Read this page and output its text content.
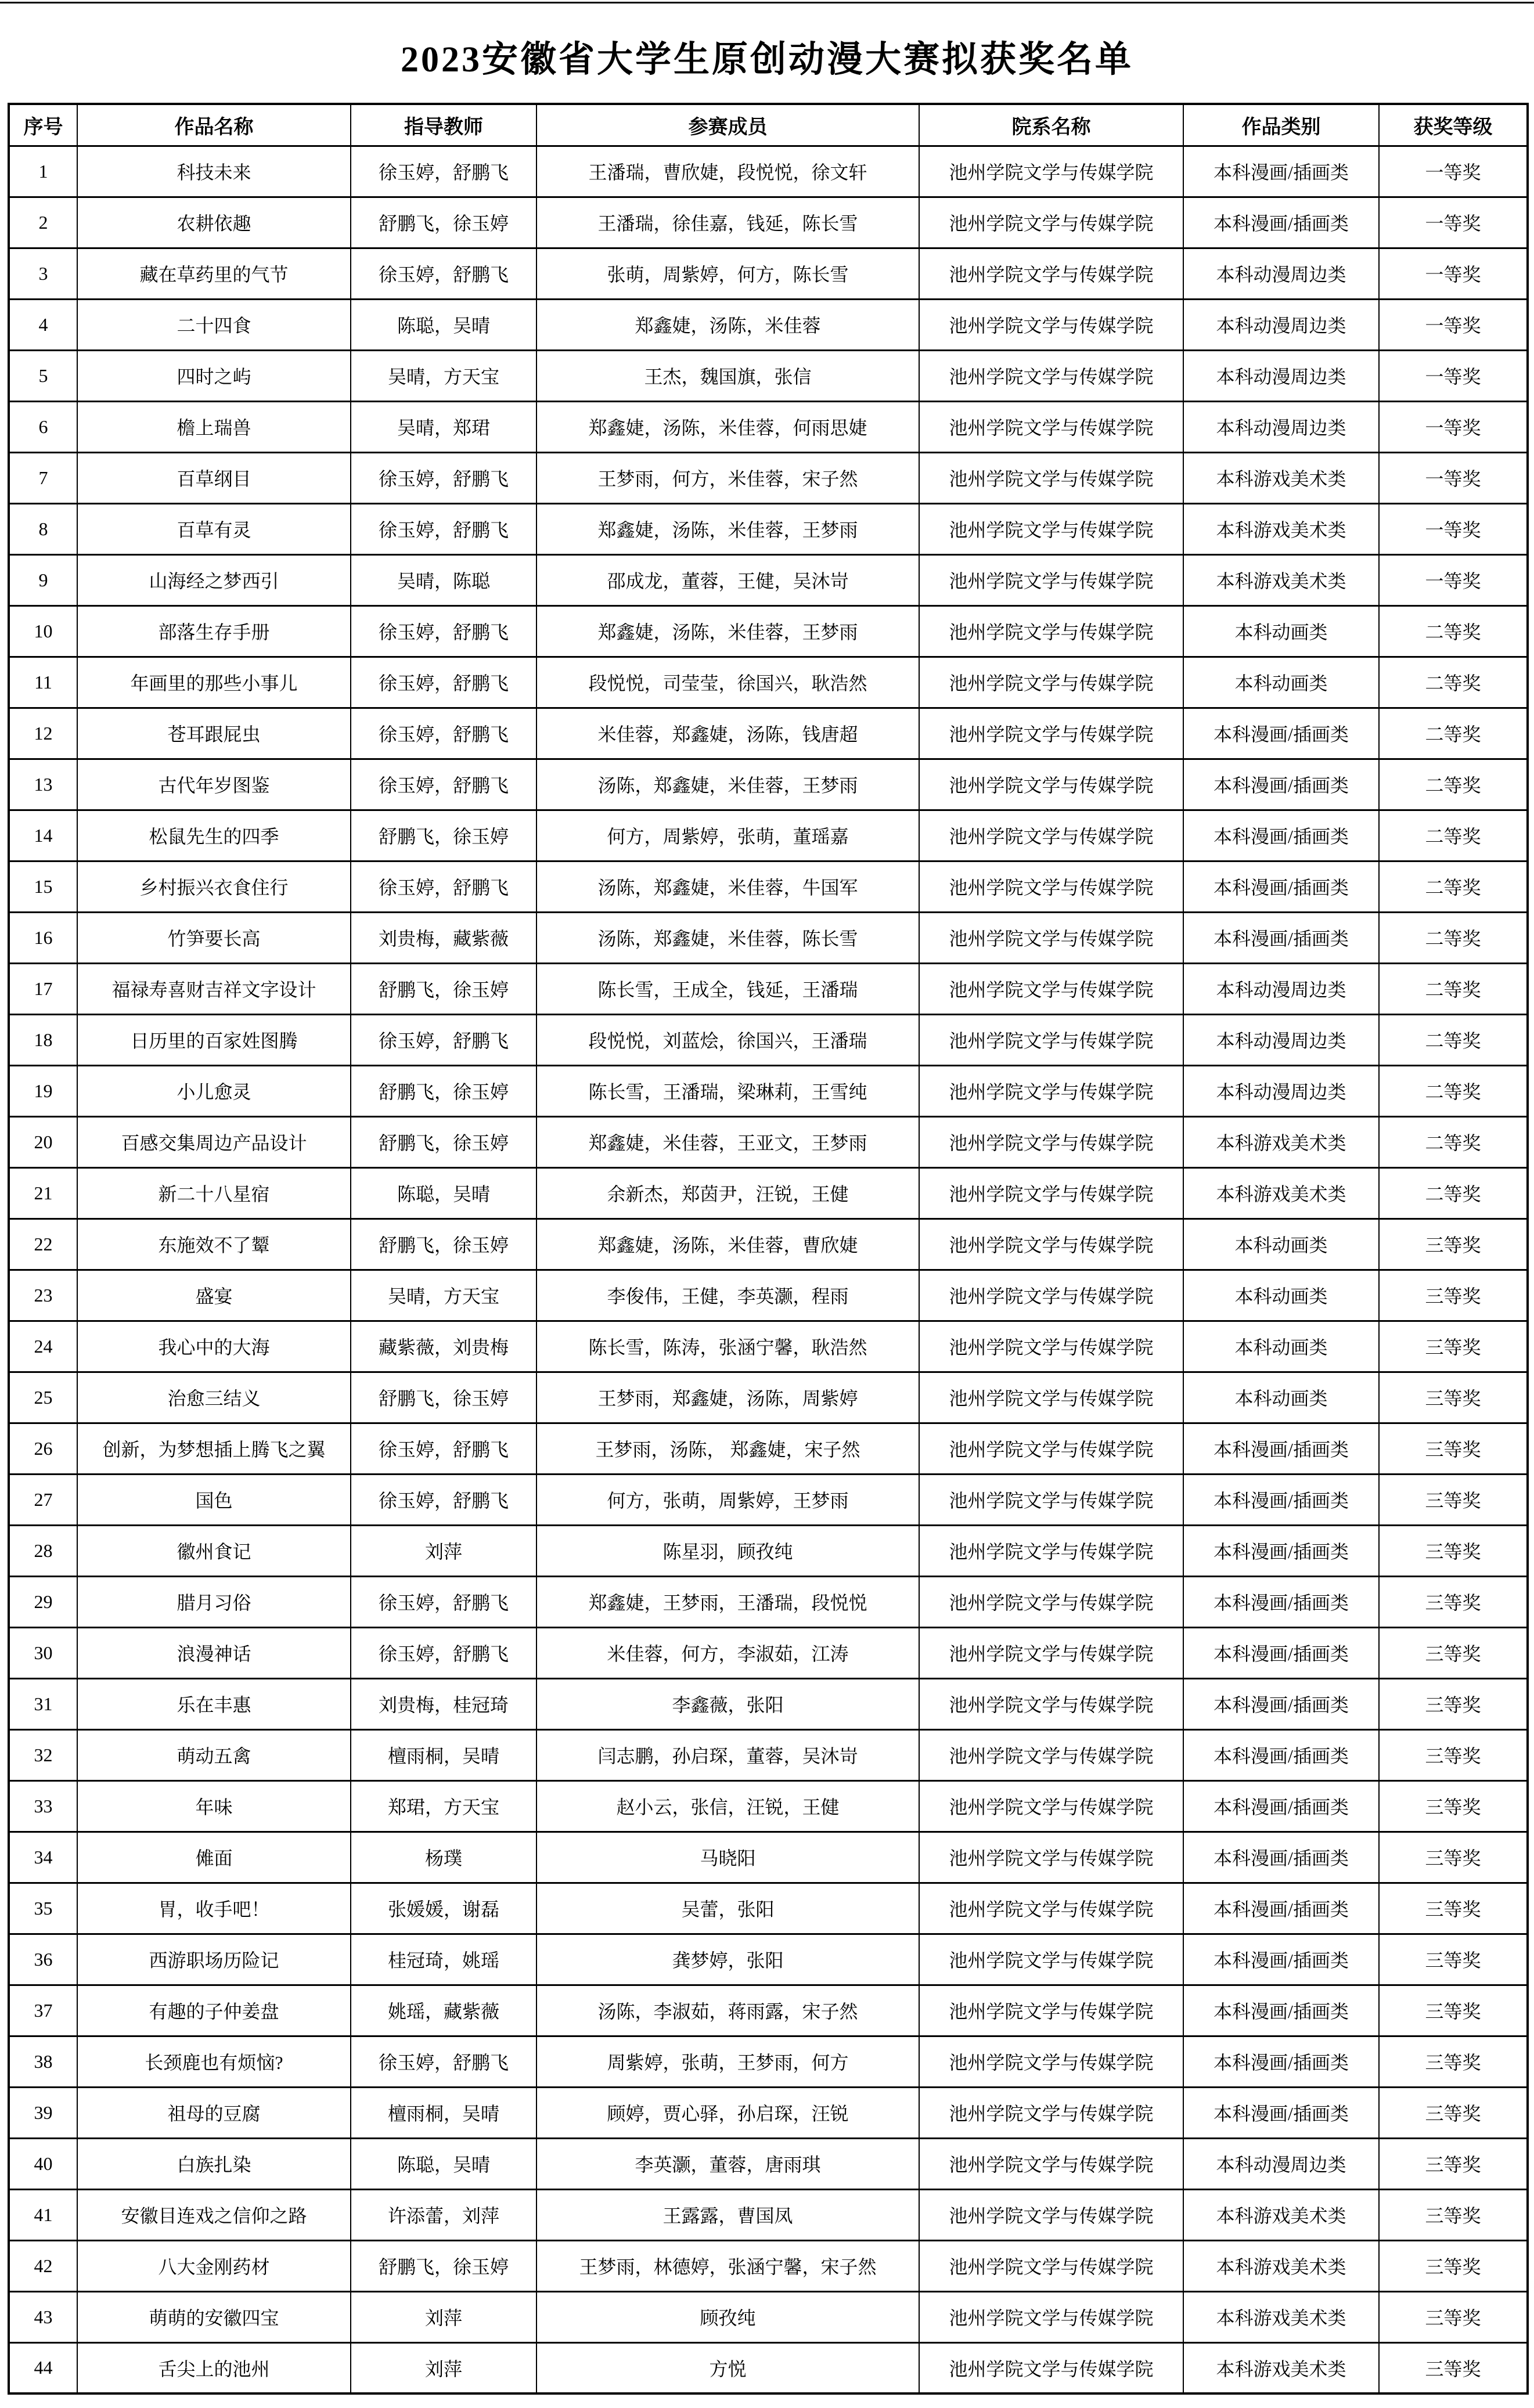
2023安徽省大学生原创动漫大赛拟获奖名单
序号	作品名称	指导教师	参赛成员	院系名称	作品类别	获奖等级
1	科技未来	徐玉婷，舒鹏飞	王潘瑞，曹欣婕，段悦悦，徐文轩	池州学院文学与传媒学院	本科漫画/插画类	一等奖
2	农耕依趣	舒鹏飞，徐玉婷	王潘瑞，徐佳嘉，钱延，陈长雪	池州学院文学与传媒学院	本科漫画/插画类	一等奖
3	藏在草药里的气节	徐玉婷，舒鹏飞	张萌，周紫婷，何方，陈长雪	池州学院文学与传媒学院	本科动漫周边类	一等奖
4	二十四食	陈聪，吴晴	郑鑫婕，汤陈，米佳蓉	池州学院文学与传媒学院	本科动漫周边类	一等奖
5	四时之屿	吴晴，方天宝	王杰，魏国旗，张信	池州学院文学与传媒学院	本科动漫周边类	一等奖
6	檐上瑞兽	吴晴，郑珺	郑鑫婕，汤陈，米佳蓉，何雨思婕	池州学院文学与传媒学院	本科动漫周边类	一等奖
7	百草纲目	徐玉婷，舒鹏飞	王梦雨，何方，米佳蓉，宋子然	池州学院文学与传媒学院	本科游戏美术类	一等奖
8	百草有灵	徐玉婷，舒鹏飞	郑鑫婕，汤陈，米佳蓉，王梦雨	池州学院文学与传媒学院	本科游戏美术类	一等奖
9	山海经之梦西引	吴晴，陈聪	邵成龙，董蓉，王健，吴沐岢	池州学院文学与传媒学院	本科游戏美术类	一等奖
10	部落生存手册	徐玉婷，舒鹏飞	郑鑫婕，汤陈，米佳蓉，王梦雨	池州学院文学与传媒学院	本科动画类	二等奖
11	年画里的那些小事儿	徐玉婷，舒鹏飞	段悦悦，司莹莹，徐国兴，耿浩然	池州学院文学与传媒学院	本科动画类	二等奖
12	苍耳跟屁虫	徐玉婷，舒鹏飞	米佳蓉，郑鑫婕，汤陈，钱唐超	池州学院文学与传媒学院	本科漫画/插画类	二等奖
13	古代年岁图鉴	徐玉婷，舒鹏飞	汤陈，郑鑫婕，米佳蓉，王梦雨	池州学院文学与传媒学院	本科漫画/插画类	二等奖
14	松鼠先生的四季	舒鹏飞，徐玉婷	何方，周紫婷，张萌，董瑶嘉	池州学院文学与传媒学院	本科漫画/插画类	二等奖
15	乡村振兴衣食住行	徐玉婷，舒鹏飞	汤陈，郑鑫婕，米佳蓉，牛国军	池州学院文学与传媒学院	本科漫画/插画类	二等奖
16	竹笋要长高	刘贵梅，藏紫薇	汤陈，郑鑫婕，米佳蓉，陈长雪	池州学院文学与传媒学院	本科漫画/插画类	二等奖
17	福禄寿喜财吉祥文字设计	舒鹏飞，徐玉婷	陈长雪，王成全，钱延，王潘瑞	池州学院文学与传媒学院	本科动漫周边类	二等奖
18	日历里的百家姓图腾	徐玉婷，舒鹏飞	段悦悦，刘蓝烩，徐国兴，王潘瑞	池州学院文学与传媒学院	本科动漫周边类	二等奖
19	小儿愈灵	舒鹏飞，徐玉婷	陈长雪，王潘瑞，梁琳莉，王雪纯	池州学院文学与传媒学院	本科动漫周边类	二等奖
20	百感交集周边产品设计	舒鹏飞，徐玉婷	郑鑫婕，米佳蓉，王亚文，王梦雨	池州学院文学与传媒学院	本科游戏美术类	二等奖
21	新二十八星宿	陈聪，吴晴	余新杰，郑茵尹，汪锐，王健	池州学院文学与传媒学院	本科游戏美术类	二等奖
22	东施效不了颦	舒鹏飞，徐玉婷	郑鑫婕，汤陈，米佳蓉，曹欣婕	池州学院文学与传媒学院	本科动画类	三等奖
23	盛宴	吴晴，方天宝	李俊伟，王健，李英灏，程雨	池州学院文学与传媒学院	本科动画类	三等奖
24	我心中的大海	藏紫薇，刘贵梅	陈长雪，陈涛，张涵宁馨，耿浩然	池州学院文学与传媒学院	本科动画类	三等奖
25	治愈三结义	舒鹏飞，徐玉婷	王梦雨，郑鑫婕，汤陈，周紫婷	池州学院文学与传媒学院	本科动画类	三等奖
26	创新，为梦想插上腾飞之翼	徐玉婷，舒鹏飞	王梦雨，汤陈， 郑鑫婕，宋子然	池州学院文学与传媒学院	本科漫画/插画类	三等奖
27	国色	徐玉婷，舒鹏飞	何方，张萌，周紫婷，王梦雨	池州学院文学与传媒学院	本科漫画/插画类	三等奖
28	徽州食记	刘萍	陈星羽，顾孜纯	池州学院文学与传媒学院	本科漫画/插画类	三等奖
29	腊月习俗	徐玉婷，舒鹏飞	郑鑫婕，王梦雨，王潘瑞，段悦悦	池州学院文学与传媒学院	本科漫画/插画类	三等奖
30	浪漫神话	徐玉婷，舒鹏飞	米佳蓉，何方，李淑茹，江涛	池州学院文学与传媒学院	本科漫画/插画类	三等奖
31	乐在丰惠	刘贵梅，桂冠琦	李鑫薇，张阳	池州学院文学与传媒学院	本科漫画/插画类	三等奖
32	萌动五禽	檀雨桐，吴晴	闫志鹏，孙启琛，董蓉，吴沐岢	池州学院文学与传媒学院	本科漫画/插画类	三等奖
33	年味	郑珺，方天宝	赵小云，张信，汪锐，王健	池州学院文学与传媒学院	本科漫画/插画类	三等奖
34	傩面	杨璞	马晓阳	池州学院文学与传媒学院	本科漫画/插画类	三等奖
35	胃，收手吧！	张媛媛，谢磊	吴蕾，张阳	池州学院文学与传媒学院	本科漫画/插画类	三等奖
36	西游职场历险记	桂冠琦，姚瑶	龚梦婷，张阳	池州学院文学与传媒学院	本科漫画/插画类	三等奖
37	有趣的子仲姜盘	姚瑶，藏紫薇	汤陈，李淑茹，蒋雨露，宋子然	池州学院文学与传媒学院	本科漫画/插画类	三等奖
38	长颈鹿也有烦恼?	徐玉婷，舒鹏飞	周紫婷，张萌，王梦雨，何方	池州学院文学与传媒学院	本科漫画/插画类	三等奖
39	祖母的豆腐	檀雨桐，吴晴	顾婷，贾心驿，孙启琛，汪锐	池州学院文学与传媒学院	本科漫画/插画类	三等奖
40	白族扎染	陈聪，吴晴	李英灏，董蓉，唐雨琪	池州学院文学与传媒学院	本科动漫周边类	三等奖
41	安徽目连戏之信仰之路	许添蕾，刘萍	王露露，曹国凤	池州学院文学与传媒学院	本科游戏美术类	三等奖
42	八大金刚药材	舒鹏飞，徐玉婷	王梦雨，林德婷，张涵宁馨，宋子然	池州学院文学与传媒学院	本科游戏美术类	三等奖
43	萌萌的安徽四宝	刘萍	顾孜纯	池州学院文学与传媒学院	本科游戏美术类	三等奖
44	舌尖上的池州	刘萍	方悦	池州学院文学与传媒学院	本科游戏美术类	三等奖
